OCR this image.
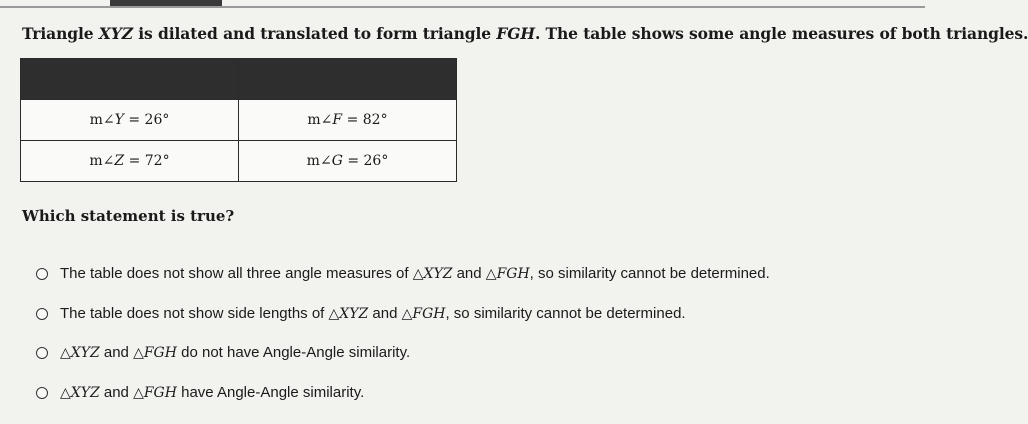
Triangle XYZ is dilated and translated to form triangle FGH. The table shows some angle measures of both triangles.

m∠Y = 26°	m∠F = 82°
m∠Z = 72°	m∠G = 26°
Which statement is true?
The table does not show all three angle measures of △XYZ and △FGH, so similarity cannot be determined.
The table does not show side lengths of △XYZ and △FGH, so similarity cannot be determined.
△XYZ and △FGH do not have Angle-Angle similarity.
△XYZ and △FGH have Angle-Angle similarity.
